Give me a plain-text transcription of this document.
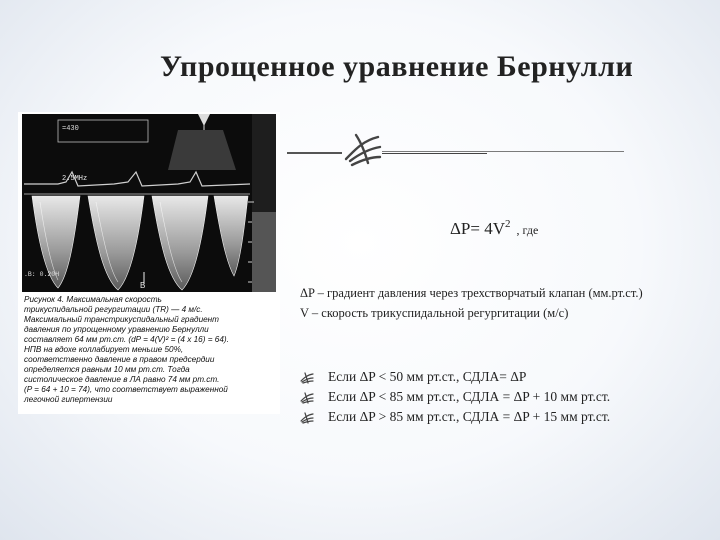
Упрощенное уравнение Бернулли
=430
2.5MHz
.B: 0.20H
B
Рисунок 4. Максимальная скорость
трикуспидальной регургитации (TR) — 4 м/с.
Максимальный транстрикуспидальный градиент
давления по упрощенному уравнению Бернулли
составляет 64 мм рт.ст. (dP = 4(V)² = (4 x 16) = 64).
НПВ на вдохе коллабирует меньше 50%,
соответственно давление в правом предсердии
определяется равным 10 мм рт.ст. Тогда
систолическое давление в ЛА равно 74 мм рт.ст.
(P = 64 + 10 = 74), что соответствует выраженной
легочной гипертензии
$\Delta P= 4V^2$ , где
ΔP – градиент давления через трехстворчатый клапан (мм.рт.ст.)
V – скорость трикуспидальной регургитации (м/с)
Если ΔP < 50 мм рт.ст., СДЛА= ΔP
Если ΔP < 85 мм рт.ст., СДЛА = ΔP + 10 мм рт.ст.
Если ΔP > 85 мм рт.ст., СДЛА = ΔP + 15 мм рт.ст.
